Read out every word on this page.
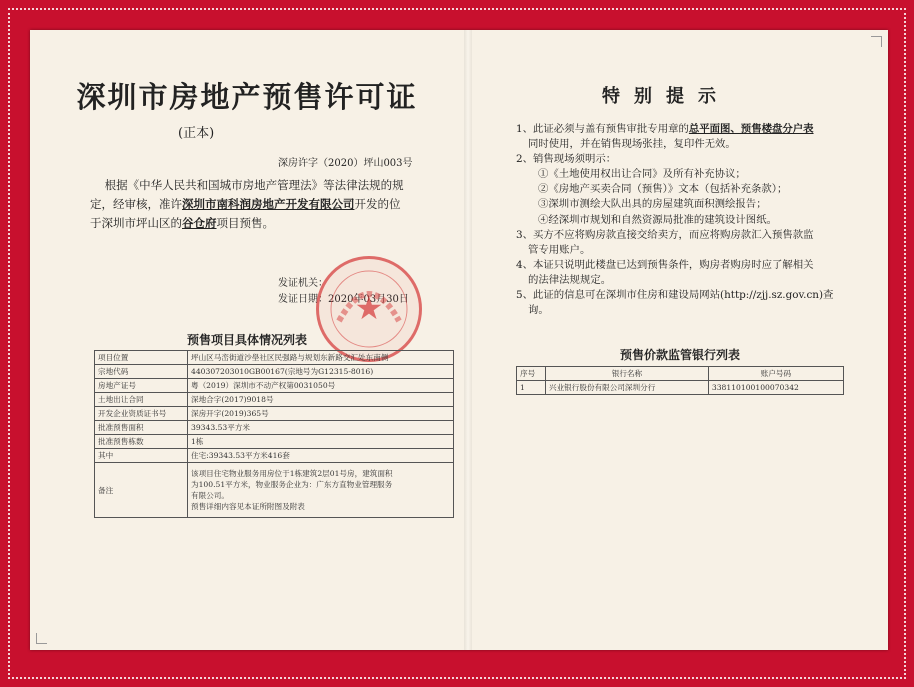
深圳市房地产预售许可证
(正本)
深房许字（2020）坪山003号
根据《中华人民共和国城市房地产管理法》等法律法规的规
定，经审核，准许深圳市南科润房地产开发有限公司开发的位
于深圳市坪山区的谷仓府项目预售。
发证机关：
发证日期：2020年03月30日
★
预售项目具体情况列表
项目位置	坪山区马峦街道沙壆社区民强路与规划东新路交汇处东南侧
宗地代码	440307203010GB00167(宗地号为G12315-8016)
房地产证号	粤（2019）深圳市不动产权第0031050号
土地出让合同	深地合字(2017)9018号
开发企业资质证书号	深房开字(2019)365号
批准预售面积	39343.53平方米
批准预售栋数	1栋
其中	住宅:39343.53平方米416套
备注	该项目住宅物业服务用房位于1栋建筑2层01号房，建筑面积
为100.51平方米，物业服务企业为：广东方直物业管理服务
有限公司。
预售详细内容见本证所附图及附表
特别提示
1、此证必须与盖有预售审批专用章的总平面图、预售楼盘分户表
同时使用，并在销售现场张挂，复印件无效。
2、销售现场须明示：
①《土地使用权出让合同》及所有补充协议；
②《房地产买卖合同（预售）》文本（包括补充条款）；
③深圳市测绘大队出具的房屋建筑面积测绘报告；
④经深圳市规划和自然资源局批准的建筑设计图纸。
3、买方不应将购房款直接交给卖方，而应将购房款汇入预售款监
管专用账户。
4、本证只说明此楼盘已达到预售条件，购房者购房时应了解相关
的法律法规规定。
5、此证的信息可在深圳市住房和建设局网站(http://zjj.sz.gov.cn)查
询。
预售价款监管银行列表
序号	银行名称	账户号码
1	兴业银行股份有限公司深圳分行	338110100100070342
